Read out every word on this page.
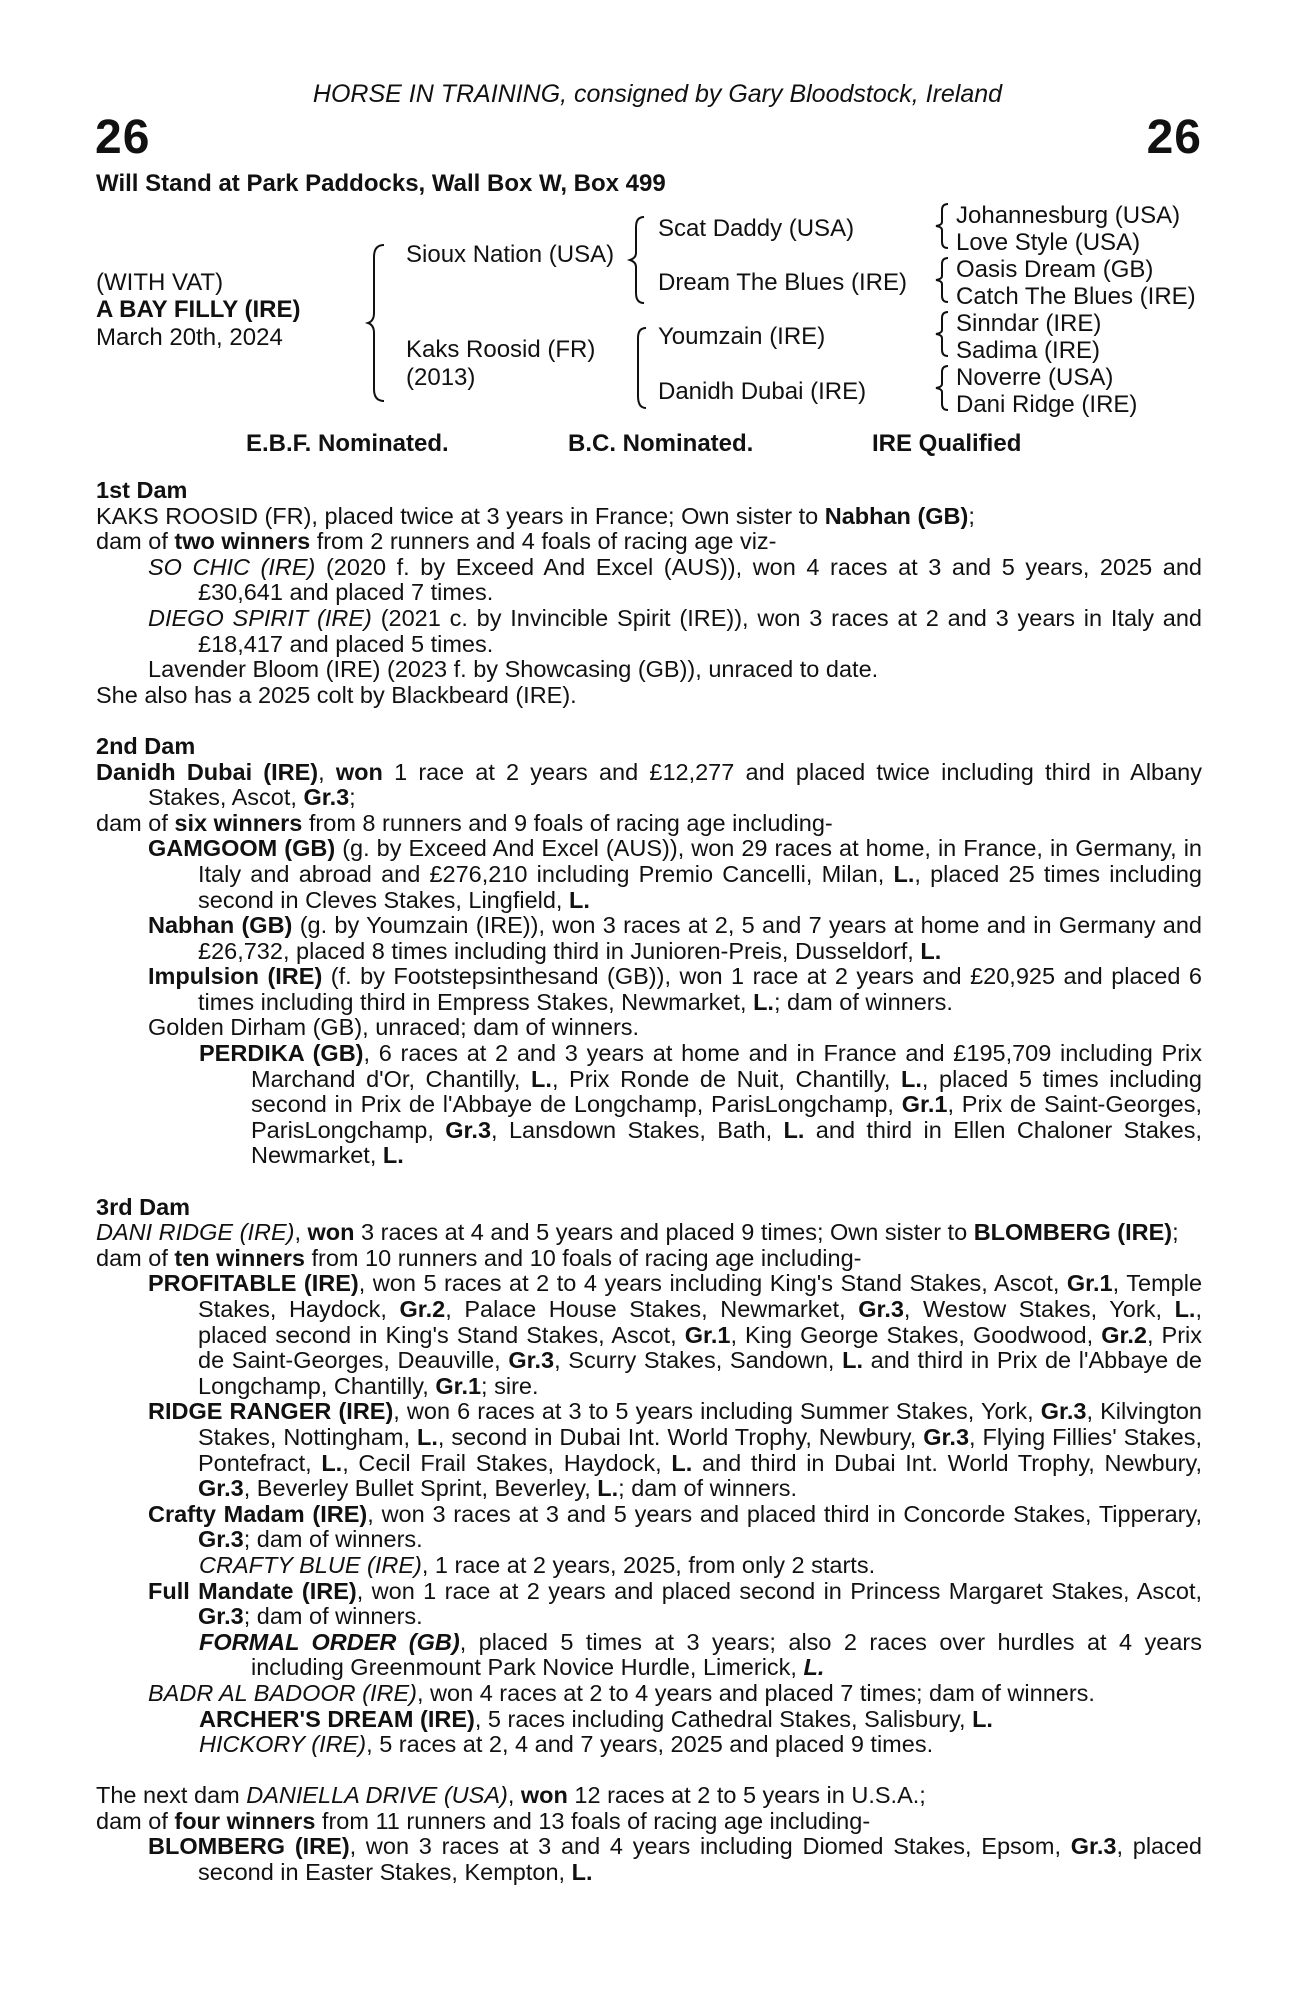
HORSE IN TRAINING, consigned by Gary Bloodstock, Ireland
26	26
Will Stand at Park Paddocks, Wall Box W, Box 499
(WITH VAT)
A BAY FILLY (IRE)
March 20th, 2024
Sioux Nation (USA)
Kaks Roosid (FR)
(2013)
Scat Daddy (USA)
Dream The Blues (IRE)
Youmzain (IRE)
Danidh Dubai (IRE)
Johannesburg (USA)
Love Style (USA)
Oasis Dream (GB)
Catch The Blues (IRE)
Sinndar (IRE)
Sadima (IRE)
Noverre (USA)
Dani Ridge (IRE)
E.B.F. Nominated.	B.C. Nominated.	IRE Qualified
1st Dam
KAKS ROOSID (FR), placed twice at 3 years in France; Own sister to Nabhan (GB);
dam of two winners from 2 runners and 4 foals of racing age viz-
SO CHIC (IRE) (2020 f. by Exceed And Excel (AUS)), won 4 races at 3 and 5 years, 2025 and £30,641 and placed 7 times.
DIEGO SPIRIT (IRE) (2021 c. by Invincible Spirit (IRE)), won 3 races at 2 and 3 years in Italy and £18,417 and placed 5 times.
Lavender Bloom (IRE) (2023 f. by Showcasing (GB)), unraced to date.
She also has a 2025 colt by Blackbeard (IRE).
2nd Dam
Danidh Dubai (IRE), won 1 race at 2 years and £12,277 and placed twice including third in Albany Stakes, Ascot, Gr.3;
dam of six winners from 8 runners and 9 foals of racing age including-
GAMGOOM (GB) (g. by Exceed And Excel (AUS)), won 29 races at home, in France, in Germany, in Italy and abroad and £276,210 including Premio Cancelli, Milan, L., placed 25 times including second in Cleves Stakes, Lingfield, L.
Nabhan (GB) (g. by Youmzain (IRE)), won 3 races at 2, 5 and 7 years at home and in Germany and £26,732, placed 8 times including third in Junioren-Preis, Dusseldorf, L.
Impulsion (IRE) (f. by Footstepsinthesand (GB)), won 1 race at 2 years and £20,925 and placed 6 times including third in Empress Stakes, Newmarket, L.; dam of winners.
Golden Dirham (GB), unraced; dam of winners.
PERDIKA (GB), 6 races at 2 and 3 years at home and in France and £195,709 including Prix Marchand d'Or, Chantilly, L., Prix Ronde de Nuit, Chantilly, L., placed 5 times including second in Prix de l'Abbaye de Longchamp, ParisLongchamp, Gr.1, Prix de Saint-Georges, ParisLongchamp, Gr.3, Lansdown Stakes, Bath, L. and third in Ellen Chaloner Stakes, Newmarket, L.
3rd Dam
DANI RIDGE (IRE), won 3 races at 4 and 5 years and placed 9 times; Own sister to BLOMBERG (IRE);
dam of ten winners from 10 runners and 10 foals of racing age including-
PROFITABLE (IRE), won 5 races at 2 to 4 years including King's Stand Stakes, Ascot, Gr.1, Temple Stakes, Haydock, Gr.2, Palace House Stakes, Newmarket, Gr.3, Westow Stakes, York, L., placed second in King's Stand Stakes, Ascot, Gr.1, King George Stakes, Goodwood, Gr.2, Prix de Saint-Georges, Deauville, Gr.3, Scurry Stakes, Sandown, L. and third in Prix de l'Abbaye de Longchamp, Chantilly, Gr.1; sire.
RIDGE RANGER (IRE), won 6 races at 3 to 5 years including Summer Stakes, York, Gr.3, Kilvington Stakes, Nottingham, L., second in Dubai Int. World Trophy, Newbury, Gr.3, Flying Fillies' Stakes, Pontefract, L., Cecil Frail Stakes, Haydock, L. and third in Dubai Int. World Trophy, Newbury, Gr.3, Beverley Bullet Sprint, Beverley, L.; dam of winners.
Crafty Madam (IRE), won 3 races at 3 and 5 years and placed third in Concorde Stakes, Tipperary, Gr.3; dam of winners.
CRAFTY BLUE (IRE), 1 race at 2 years, 2025, from only 2 starts.
Full Mandate (IRE), won 1 race at 2 years and placed second in Princess Margaret Stakes, Ascot, Gr.3; dam of winners.
FORMAL ORDER (GB), placed 5 times at 3 years; also 2 races over hurdles at 4 years including Greenmount Park Novice Hurdle, Limerick, L.
BADR AL BADOOR (IRE), won 4 races at 2 to 4 years and placed 7 times; dam of winners.
ARCHER'S DREAM (IRE), 5 races including Cathedral Stakes, Salisbury, L.
HICKORY (IRE), 5 races at 2, 4 and 7 years, 2025 and placed 9 times.
The next dam DANIELLA DRIVE (USA), won 12 races at 2 to 5 years in U.S.A.;
dam of four winners from 11 runners and 13 foals of racing age including-
BLOMBERG (IRE), won 3 races at 3 and 4 years including Diomed Stakes, Epsom, Gr.3, placed second in Easter Stakes, Kempton, L.
